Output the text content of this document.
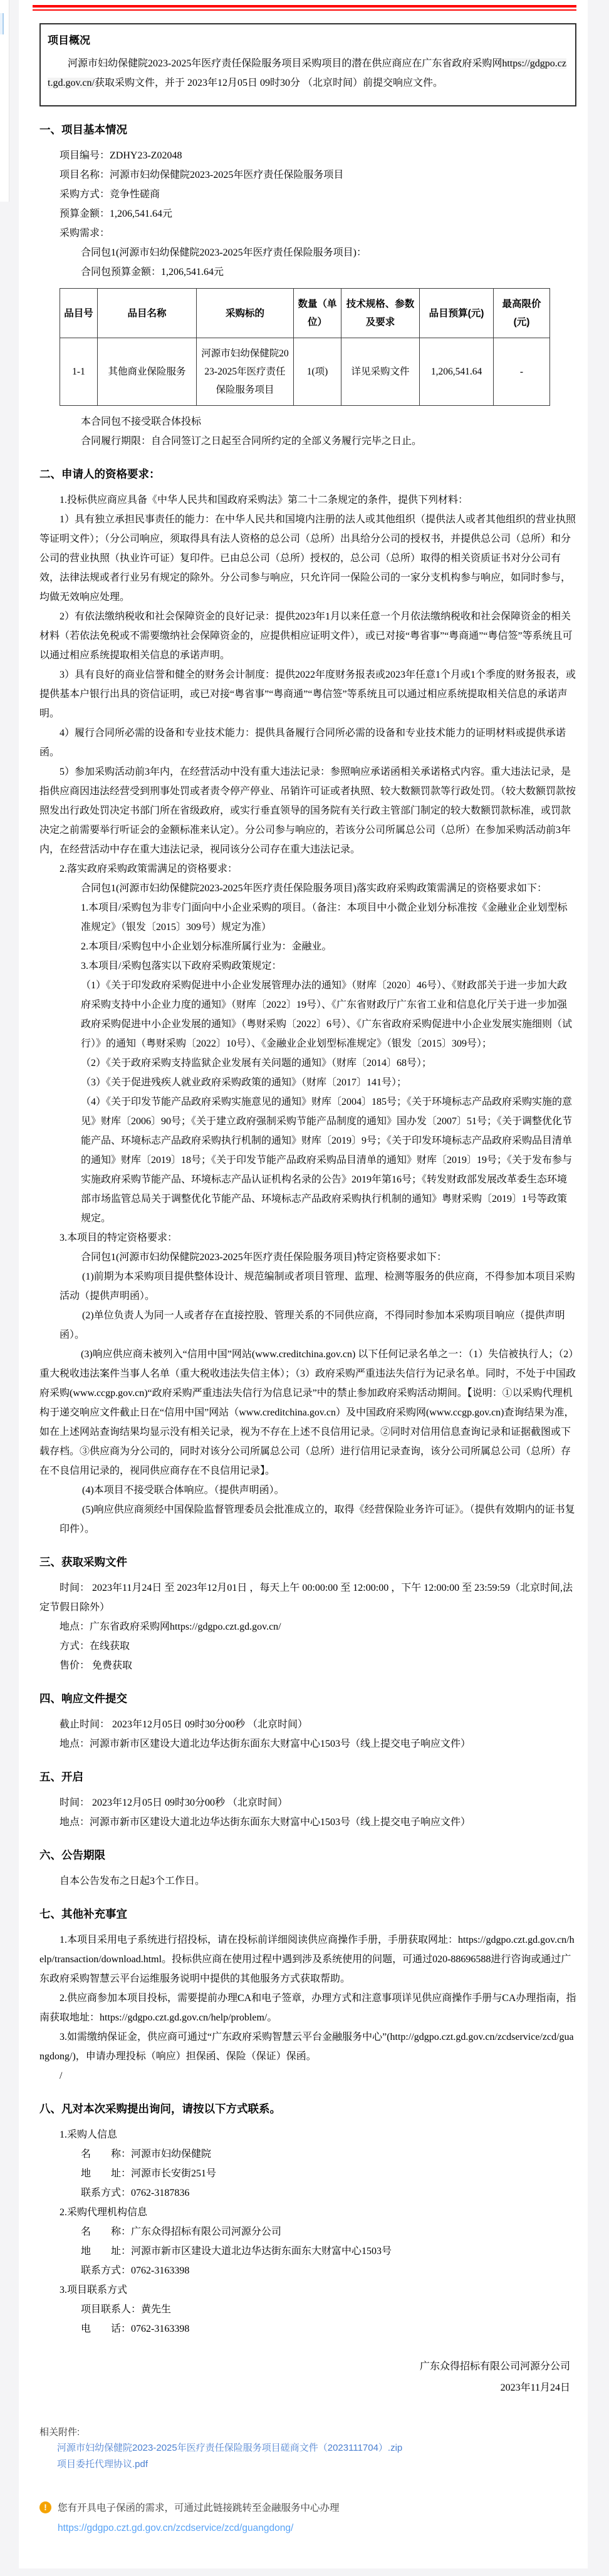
项目概况

河源市妇幼保健院2023-2025年医疗责任保险服务项目采购项目的潜在供应商应在广东省政府采购网https://gdgpo.czt.gd.gov.cn/获取采购文件，并于 2023年12月05日 09时30分 （北京时间）前提交响应文件。

一、项目基本情况

项目编号：ZDHY23-Z02048

项目名称：河源市妇幼保健院2023-2025年医疗责任保险服务项目

采购方式：竞争性磋商

预算金额：1,206,541.64元

采购需求：

合同包1(河源市妇幼保健院2023-2025年医疗责任保险服务项目)：

合同包预算金额：1,206,541.64元

品目号	品目名称	采购标的	数量（单位）	技术规格、参数及要求	品目预算(元)	最高限价(元)
1-1	其他商业保险服务	河源市妇幼保健院2023-2025年医疗责任保险服务项目	1(项)	详见采购文件	1,206,541.64	-

本合同包不接受联合体投标

合同履行期限：自合同签订之日起至合同所约定的全部义务履行完毕之日止。

二、申请人的资格要求：

1.投标供应商应具备《中华人民共和国政府采购法》第二十二条规定的条件，提供下列材料：

1）具有独立承担民事责任的能力：在中华人民共和国境内注册的法人或其他组织（提供法人或者其他组织的营业执照等证明文件）；（分公司响应，须取得具有法人资格的总公司（总所）出具给分公司的授权书，并提供总公司（总所）和分公司的营业执照（执业许可证）复印件。已由总公司（总所）授权的，总公司（总所）取得的相关资质证书对分公司有效，法律法规或者行业另有规定的除外。分公司参与响应，只允许同一保险公司的一家分支机构参与响应，如同时参与，均做无效响应处理。

2）有依法缴纳税收和社会保障资金的良好记录：提供2023年1月以来任意一个月依法缴纳税收和社会保障资金的相关材料（若依法免税或不需要缴纳社会保障资金的，应提供相应证明文件），或已对接“粤省事”“粤商通”“粤信签”等系统且可以通过相应系统提取相关信息的承诺声明。

3）具有良好的商业信誉和健全的财务会计制度：提供2022年度财务报表或2023年任意1个月或1个季度的财务报表，或提供基本户银行出具的资信证明，或已对接“粤省事”“粤商通”“粤信签”等系统且可以通过相应系统提取相关信息的承诺声明。

4）履行合同所必需的设备和专业技术能力：提供具备履行合同所必需的设备和专业技术能力的证明材料或提供承诺函。

5）参加采购活动前3年内，在经营活动中没有重大违法记录：参照响应承诺函相关承诺格式内容。重大违法记录，是指供应商因违法经营受到刑事处罚或者责令停产停业、吊销许可证或者执照、较大数额罚款等行政处罚。（较大数额罚款按照发出行政处罚决定书部门所在省级政府，或实行垂直领导的国务院有关行政主管部门制定的较大数额罚款标准，或罚款决定之前需要举行听证会的金额标准来认定）。分公司参与响应的，若该分公司所属总公司（总所）在参加采购活动前3年内，在经营活动中存在重大违法记录，视同该分公司存在重大违法记录。

2.落实政府采购政策需满足的资格要求：

合同包1(河源市妇幼保健院2023-2025年医疗责任保险服务项目)落实政府采购政策需满足的资格要求如下：

1.本项目/采购包为非专门面向中小企业采购的项目。（备注：本项目中小微企业划分标准按《金融业企业划型标准规定》（银发〔2015〕309号）规定为准）

2.本项目/采购包中小企业划分标准所属行业为：金融业。

3.本项目/采购包落实以下政府采购政策规定：

（1）《关于印发政府采购促进中小企业发展管理办法的通知》（财库〔2020〕46号）、《财政部关于进一步加大政府采购支持中小企业力度的通知》（财库〔2022〕19号）、《广东省财政厅广东省工业和信息化厅关于进一步加强政府采购促进中小企业发展的通知》（粤财采购〔2022〕6号）、《广东省政府采购促进中小企业发展实施细则（试行）》的通知（粤财采购〔2022〕10号）、《金融业企业划型标准规定》（银发〔2015〕309号）；

（2）《关于政府采购支持监狱企业发展有关问题的通知》（财库〔2014〕68号）；

（3）《关于促进残疾人就业政府采购政策的通知》（财库〔2017〕141号）；

（4）《关于印发节能产品政府采购实施意见的通知》财库〔2004〕185号；《关于环境标志产品政府采购实施的意见》财库〔2006〕90号；《关于建立政府强制采购节能产品制度的通知》国办发〔2007〕51号；《关于调整优化节能产品、环境标志产品政府采购执行机制的通知》财库〔2019〕9号；《关于印发环境标志产品政府采购品目清单的通知》财库〔2019〕18号；《关于印发节能产品政府采购品目清单的通知》财库〔2019〕19号；《关于发布参与实施政府采购节能产品、环境标志产品认证机构名录的公告》2019年第16号；《转发财政部发展改革委生态环境部市场监管总局关于调整优化节能产品、环境标志产品政府采购执行机制的通知》粤财采购〔2019〕1号等政策规定。

3.本项目的特定资格要求：

合同包1(河源市妇幼保健院2023-2025年医疗责任保险服务项目)特定资格要求如下：

(1)前期为本采购项目提供整体设计、规范编制或者项目管理、监理、检测等服务的供应商，不得参加本项目采购活动（提供声明函）。

(2)单位负责人为同一人或者存在直接控股、管理关系的不同供应商，不得同时参加本采购项目响应（提供声明函）。

(3)响应供应商未被列入“信用中国”网站(www.creditchina.gov.cn) 以下任何记录名单之一：（1）失信被执行人；（2）重大税收违法案件当事人名单（重大税收违法失信主体）；（3）政府采购严重违法失信行为记录名单。同时，不处于中国政府采购(www.ccgp.gov.cn)“政府采购严重违法失信行为信息记录”中的禁止参加政府采购活动期间。【说明：①以采购代理机构于递交响应文件截止日在“信用中国”网站（www.creditchina.gov.cn）及中国政府采购网(www.ccgp.gov.cn)查询结果为准，如在上述网站查询结果均显示没有相关记录，视为不存在上述不良信用记录。②同时对信用信息查询记录和证据截图或下载存档。③供应商为分公司的，同时对该分公司所属总公司（总所）进行信用记录查询，该分公司所属总公司（总所）存在不良信用记录的，视同供应商存在不良信用记录】。

(4)本项目不接受联合体响应。（提供声明函）。

(5)响应供应商须经中国保险监督管理委员会批准成立的，取得《经营保险业务许可证》。（提供有效期内的证书复印件）。

三、获取采购文件

时间： 2023年11月24日 至 2023年12月01日 ，每天上午 00:00:00 至 12:00:00 ，下午 12:00:00 至 23:59:59（北京时间,法定节假日除外）

地点：广东省政府采购网https://gdgpo.czt.gd.gov.cn/

方式：在线获取

售价： 免费获取

四、响应文件提交

截止时间： 2023年12月05日 09时30分00秒 （北京时间）

地点：河源市新市区建设大道北边华达街东面东大财富中心1503号（线上提交电子响应文件）

五、开启

时间： 2023年12月05日 09时30分00秒 （北京时间）

地点：河源市新市区建设大道北边华达街东面东大财富中心1503号（线上提交电子响应文件）

六、公告期限

自本公告发布之日起3个工作日。

七、其他补充事宜

1.本项目采用电子系统进行招投标，请在投标前详细阅读供应商操作手册，手册获取网址：https://gdgpo.czt.gd.gov.cn/help/transaction/download.html。投标供应商在使用过程中遇到涉及系统使用的问题，可通过020-88696588进行咨询或通过广东政府采购智慧云平台运维服务说明中提供的其他服务方式获取帮助。

2.供应商参加本项目投标，需要提前办理CA和电子签章，办理方式和注意事项详见供应商操作手册与CA办理指南，指南获取地址：https://gdgpo.czt.gd.gov.cn/help/problem/。

3.如需缴纳保证金，供应商可通过“广东政府采购智慧云平台金融服务中心”(http://gdgpo.czt.gd.gov.cn/zcdservice/zcd/guangdong/)，申请办理投标（响应）担保函、保险（保证）保函。

/

八、凡对本次采购提出询问，请按以下方式联系。

1.采购人信息

名　　称：河源市妇幼保健院

地　　址：河源市长安街251号

联系方式：0762-3187836

2.采购代理机构信息

名　　称：广东众得招标有限公司河源分公司

地　　址：河源市新市区建设大道北边华达街东面东大财富中心1503号

联系方式：0762-3163398

3.项目联系方式

项目联系人：黄先生

电　　话：0762-3163398

广东众得招标有限公司河源分公司

2023年11月24日

相关附件:
河源市妇幼保健院2023-2025年医疗责任保险服务项目磋商文件（2023111704）.zip
项目委托代理协议.pdf
!	您有开具电子保函的需求，可通过此链接跳转至金融服务中心办理
https://gdgpo.czt.gd.gov.cn/zcdservice/zcd/guangdong/
